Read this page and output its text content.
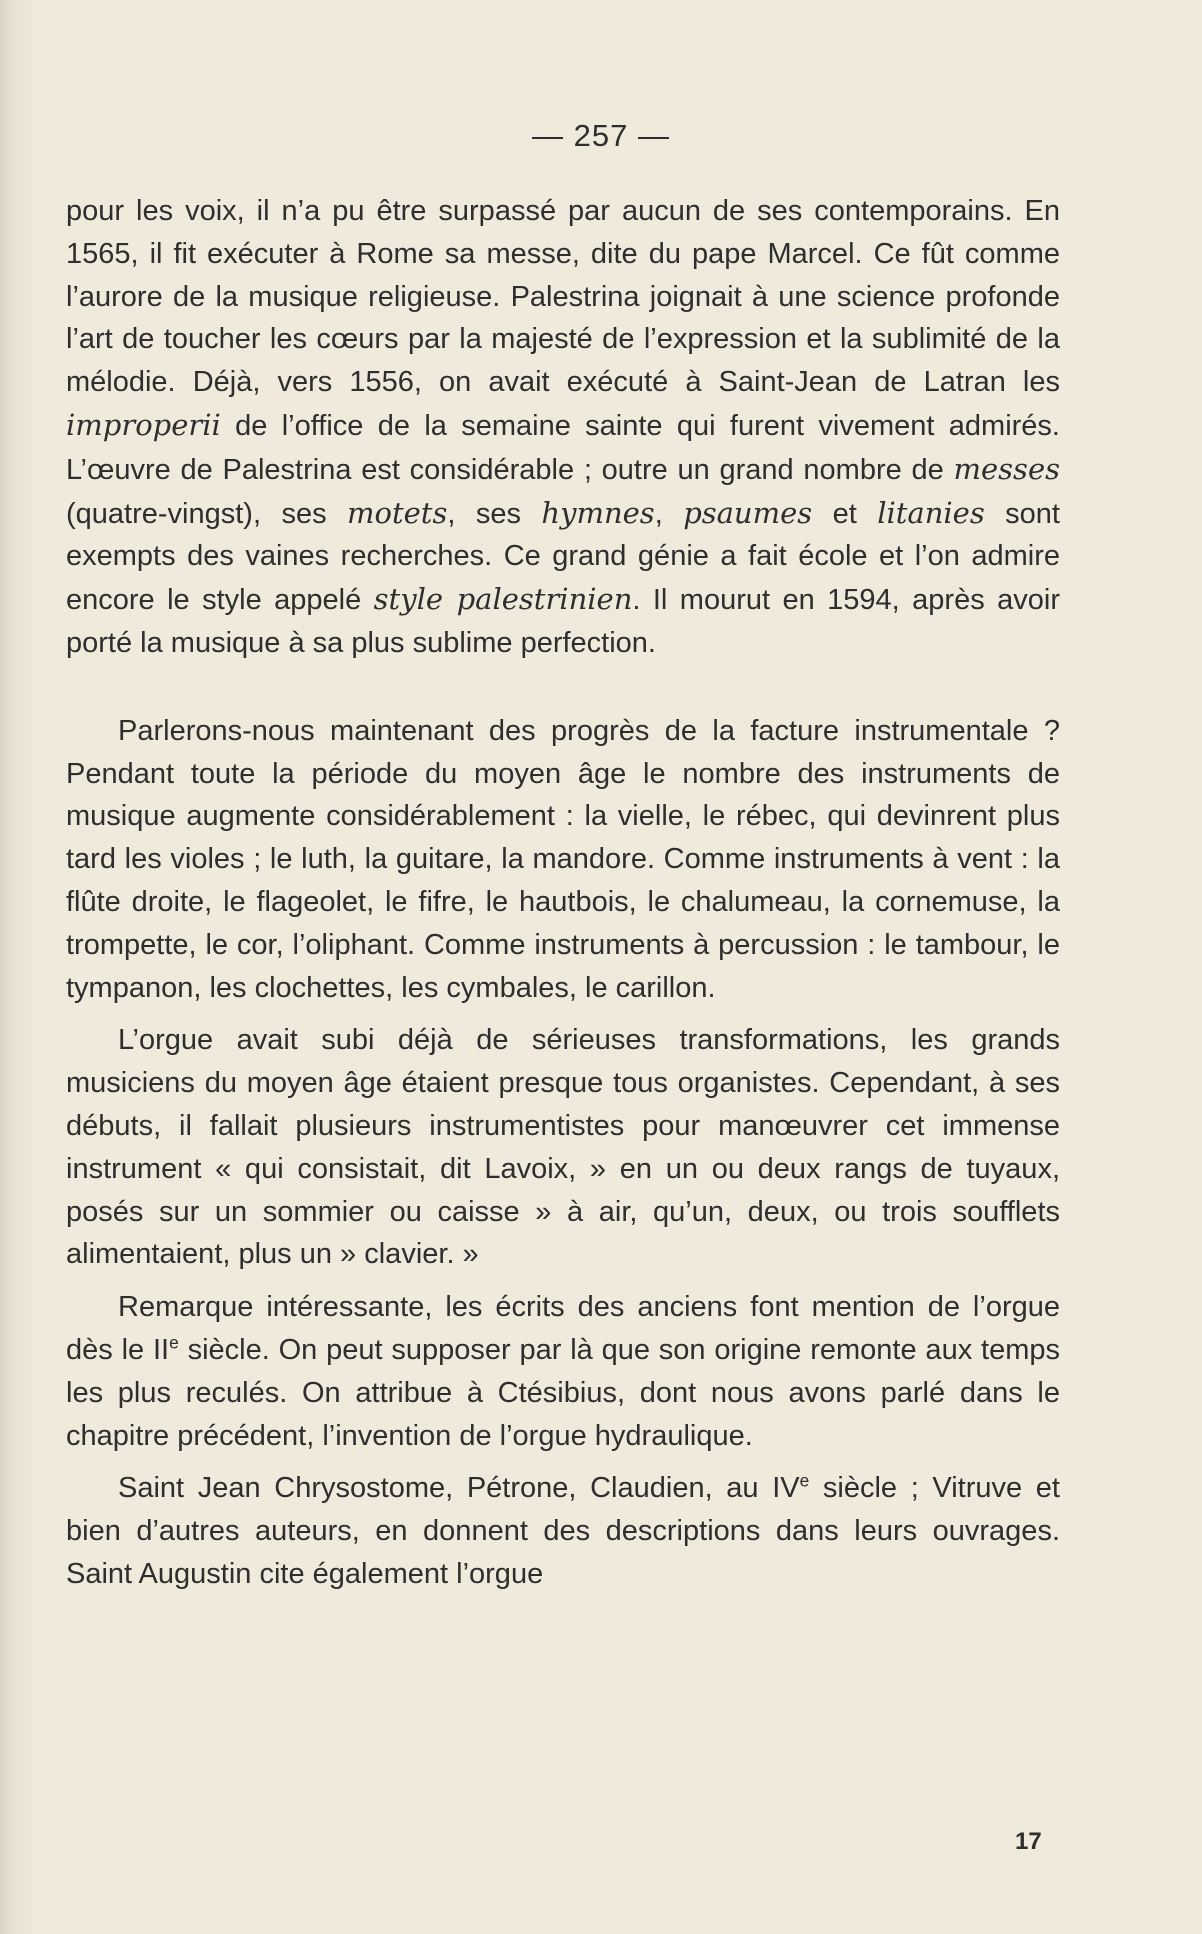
— 257 —

pour les voix, il n’a pu être surpassé par aucun de ses contemporains. En 1565, il fit exécuter à Rome sa messe, dite du pape Marcel. Ce fût comme l’aurore de la musique religieuse. Palestrina joignait à une science profonde l’art de toucher les cœurs par la majesté de l’expression et la sublimité de la mélodie. Déjà, vers 1556, on avait exécuté à Saint-Jean de Latran les improperii de l’office de la semaine sainte qui furent vivement admirés. L’œuvre de Palestrina est considérable ; outre un grand nombre de messes (quatre-vingst), ses motets, ses hymnes, psaumes et litanies sont exempts des vaines recherches. Ce grand génie a fait école et l’on admire encore le style appelé style palestrinien. Il mourut en 1594, après avoir porté la musique à sa plus sublime perfection.

Parlerons-nous maintenant des progrès de la facture instrumentale ? Pendant toute la période du moyen âge le nombre des instruments de musique augmente considérablement : la vielle, le rébec, qui devinrent plus tard les violes ; le luth, la guitare, la mandore. Comme instruments à vent : la flûte droite, le flageolet, le fifre, le hautbois, le chalumeau, la cornemuse, la trompette, le cor, l’oliphant. Comme instruments à percussion : le tambour, le tympanon, les clochettes, les cymbales, le carillon.

L’orgue avait subi déjà de sérieuses transformations, les grands musiciens du moyen âge étaient presque tous organistes. Cependant, à ses débuts, il fallait plusieurs instrumentistes pour manœuvrer cet immense instrument « qui consistait, dit Lavoix, » en un ou deux rangs de tuyaux, posés sur un sommier ou caisse » à air, qu’un, deux, ou trois soufflets alimentaient, plus un » clavier. »

Remarque intéressante, les écrits des anciens font mention de l’orgue dès le IIe siècle. On peut supposer par là que son origine remonte aux temps les plus reculés. On attribue à Ctésibius, dont nous avons parlé dans le chapitre précédent, l’invention de l’orgue hydraulique.

Saint Jean Chrysostome, Pétrone, Claudien, au IVe siècle ; Vitruve et bien d’autres auteurs, en donnent des descriptions dans leurs ouvrages. Saint Augustin cite également l’orgue

17
